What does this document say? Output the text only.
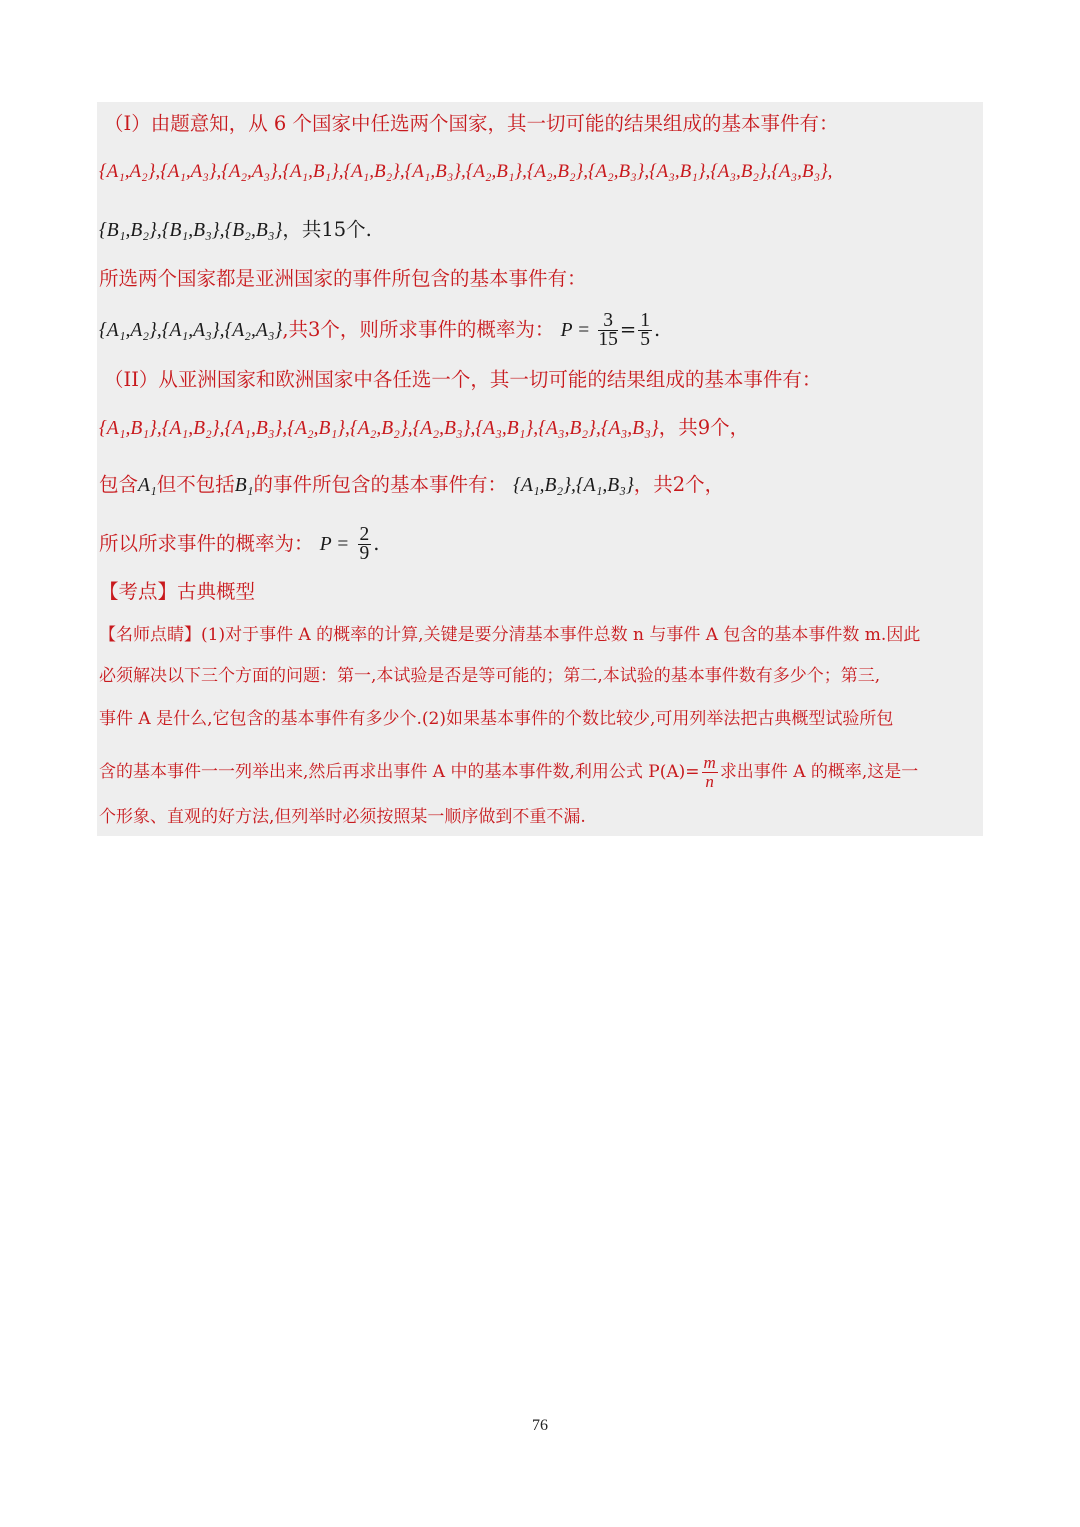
（I）由题意知，从 6 个国家中任选两个国家，其一切可能的结果组成的基本事件有：
{A₁,A₂},{A₁,A₃},{A₂,A₃},{A₁,B₁},{A₁,B₂},{A₁,B₃},{A₂,B₁},{A₂,B₂},{A₂,B₃},{A₃,B₁},{A₃,B₂},{A₃,B₃},
{B₁,B₂},{B₁,B₃},{B₂,B₃}，共15个.
所选两个国家都是亚洲国家的事件所包含的基本事件有：
{A₁,A₂},{A₁,A₃},{A₂,A₃},共3个，则所求事件的概率为： $P = \frac{3}{15} = \frac{1}{5}$ .
（II）从亚洲国家和欧洲国家中各任选一个，其一切可能的结果组成的基本事件有：
{A₁,B₁},{A₁,B₂},{A₁,B₃},{A₂,B₁},{A₂,B₂},{A₂,B₃},{A₃,B₁},{A₃,B₂},{A₃,B₃}，共9个，
包含A₁但不包括B₁的事件所包含的基本事件有： {A₁,B₂},{A₁,B₃}，共2个，
所以所求事件的概率为： $P = \frac{2}{9}$ .
【考点】古典概型
【名师点睛】(1)对于事件 A 的概率的计算,关键是要分清基本事件总数 n 与事件 A 包含的基本事件数 m.因此
必须解决以下三个方面的问题：第一,本试验是否是等可能的；第二,本试验的基本事件数有多少个；第三,
事件 A 是什么,它包含的基本事件有多少个.(2)如果基本事件的个数比较少,可用列举法把古典概型试验所包
含的基本事件一一列举出来,然后再求出事件 A 中的基本事件数,利用公式 $P(A)= \frac{m}{n}$ 求出事件 A 的概率,这是一
个形象、直观的好方法,但列举时必须按照某一顺序做到不重不漏.
76
